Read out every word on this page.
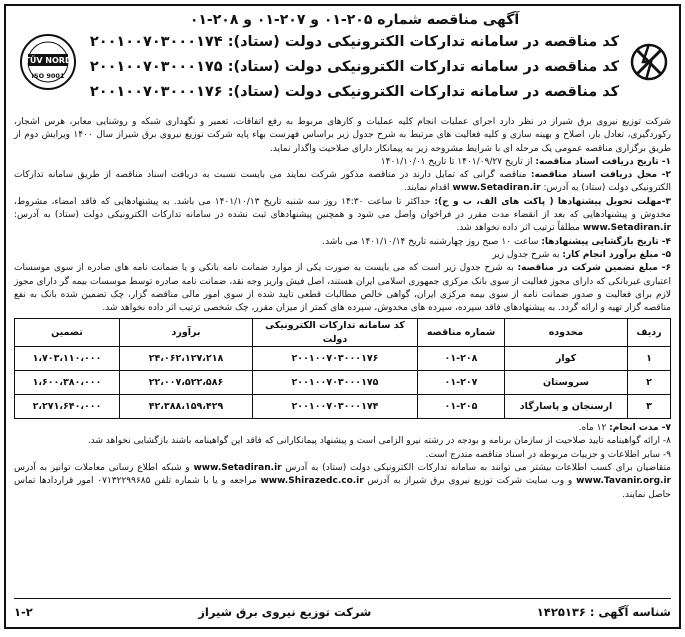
TÜV NORD
ISO 9001
آگهی مناقصه شماره ۲۰۵-۰۱ و ۲۰۷-۰۱ و ۲۰۸-۰۱
کد مناقصه در سامانه تدارکات الکترونیکی دولت (ستاد): ۲۰۰۱۰۰۷۰۳۰۰۰۱۷۴
کد مناقصه در سامانه تدارکات الکترونیکی دولت (ستاد): ۲۰۰۱۰۰۷۰۳۰۰۰۱۷۵
کد مناقصه در سامانه تدارکات الکترونیکی دولت (ستاد): ۲۰۰۱۰۰۷۰۳۰۰۰۱۷۶

شرکت توزیع نیروی برق شیراز در نظر دارد اجرای عملیات انجام کلیه عملیات و کارهای مربوط به رفع اتفاقات، تعمیر و نگهداری شبکه و روشنایی معابر، هرس اشجار، رکوردگیری، تعادل بار، اصلاح و بهینه سازی و کلیه فعالیت های مرتبط به شرح جدول زیر براساس فهرست بهاء پایه شرکت توزیع نیروی برق شیراز سال ۱۴۰۰ ویرایش دوم از طریق برگزاری مناقصه عمومی یک مرحله ای با شرایط مشروحه زیر به پیمانکار دارای صلاحیت واگذار نماید.

۱- تاریخ دریافت اسناد مناقصه: از تاریخ ۱۴۰۱/۰۹/۲۷ تا تاریخ ۱۴۰۱/۱۰/۰۱

۲- محل دریافت اسناد مناقصه: مناقصه گرانی که تمایل دارند در مناقصه مذکور شرکت نمایند می بایست نسبت به دریافت اسناد مناقصه از طریق سامانه تدارکات الکترونیکی دولت (ستاد) به آدرس: www.Setadiran.ir اقدام نمایند.

۳-مهلت تحویل پیشنهادها ( پاکت های الف، ب و ج): حداکثر تا ساعت ۱۴:۳۰ روز سه شنبه تاریخ ۱۴۰۱/۱۰/۱۳ می باشد. به پیشنهادهایی که فاقد امضاء، مشروط، مخدوش و پیشنهادهایی که بعد از انقضاء مدت مقرر در فراخوان واصل می شود و همچنین پیشنهادهای ثبت نشده در سامانه تدارکات الکترونیکی دولت (ستاد) به آدرس: www.Setadiran.ir مطلقاً ترتیب اثر داده نخواهد شد.

۴- تاریخ بازگشایی پیشنهادها: ساعت ۱۰ صبح روز چهارشنبه تاریخ ۱۴۰۱/۱۰/۱۴ می باشد.

۵- مبلغ برآورد انجام کار: به شرح جدول زیر

۶- مبلغ تضمین شرکت در مناقصه: به شرح جدول زیر است که می بایست به صورت یکی از موارد ضمانت نامه بانکی و یا ضمانت نامه های صادره از سوی موسسات اعتباری غیربانکی که دارای مجوز فعالیت از سوی بانک مرکزی جمهوری اسلامی ایران هستند، اصل فیش واریز وجه نقد، ضمانت نامه صادره توسط موسسات بیمه گر دارای مجوز لازم برای فعالیت و صدور ضمانت نامه از سوی بیمه مرکزی ایران، گواهی خالص مطالبات قطعی تایید شده از سوی امور مالی مناقصه گزار، چک تضمین شده بانک به نفع مناقصه گزار تهیه و ارائه گردد. به پیشنهادهای فاقد سپرده، سپرده های مخدوش، سپرده های کمتر از میزان مقرر، چک شخصی ترتیب اثر داده نخواهد شد.

ردیف	محدوده	شماره مناقصه	کد سامانه تدارکات الکترونیکی دولت	برآورد	تضمین
۱	کوار	۰۱-۲۰۸	۲۰۰۱۰۰۷۰۳۰۰۰۱۷۶	۲۴،۰۶۲،۱۲۷،۲۱۸	۱،۷۰۳،۱۱۰،۰۰۰
۲	سروستان	۰۱-۲۰۷	۲۰۰۱۰۰۷۰۳۰۰۰۱۷۵	۲۲،۰۰۷،۵۲۲،۵۸۶	۱،۶۰۰،۳۸۰،۰۰۰
۳	ارسنجان و پاسارگاد	۰۱-۲۰۵	۲۰۰۱۰۰۷۰۳۰۰۰۱۷۴	۴۲،۳۸۸،۱۵۹،۴۲۹	۲،۲۷۱،۶۴۰،۰۰۰

۷- مدت انجام: ۱۲ ماه.

۸- ارائه گواهینامه تایید صلاحیت از سازمان برنامه و بودجه در رشته نیرو الزامی است و پیشنهاد پیمانکارانی که فاقد این گواهینامه باشند بازگشایی نخواهد شد.

۹- سایر اطلاعات و جزییات مربوطه در اسناد مناقصه مندرج است.

متقاضیان برای کسب اطلاعات بیشتر می توانند به سامانه تدارکات الکترونیکی دولت (ستاد) به آدرس www.Setadiran.ir و شبکه اطلاع رسانی معاملات توانیر به آدرس www.Tavanir.org.ir و وب سایت شرکت توزیع نیروی برق شیراز به آدرس www.Shirazedc.co.ir مراجعه و یا با شماره تلفن ۰۷۱۳۲۲۹۹۶۸۵ امور قراردادها تماس حاصل نمایند.

شناسه آگهی : ۱۴۲۵۱۳۶
شرکت توزیع نیروی برق شیراز
۱-۲
